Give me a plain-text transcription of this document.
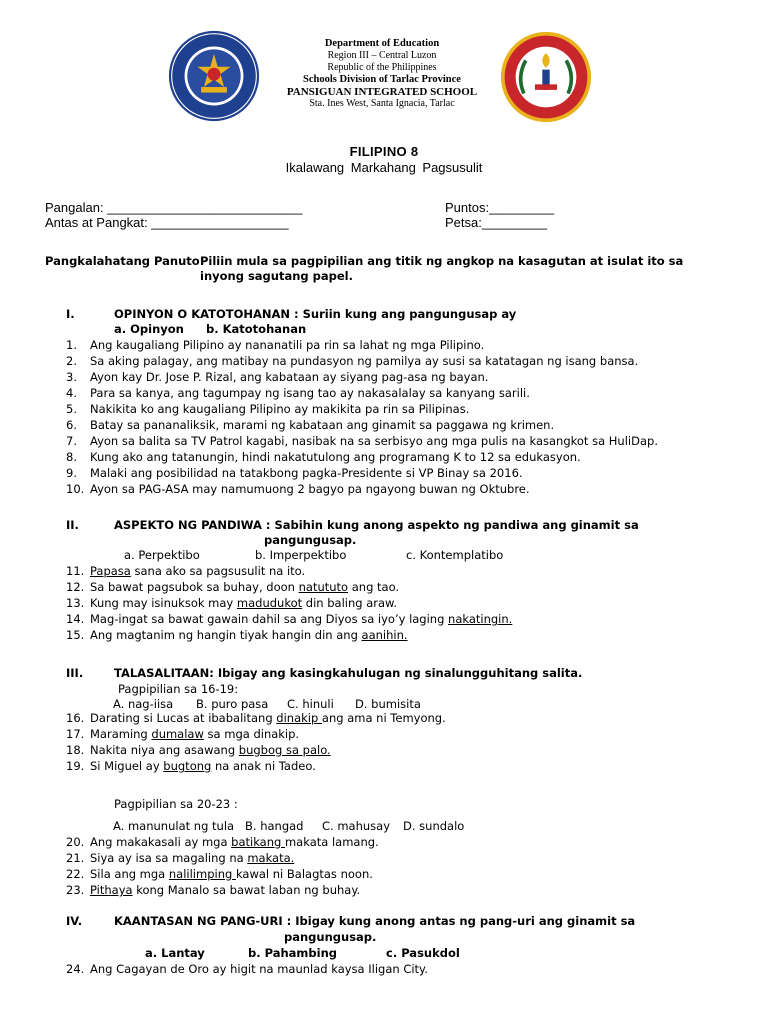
Department of Education
Region III – Central Luzon
Republic of the Philippines
Schools Division of Tarlac Province
PANSIGUAN INTEGRATED SCHOOL
Sta. Ines West, Santa Ignacia, Tarlac
FILIPINO 8
Ikalawang Markahang Pagsusulit
Pangalan: ___________________________
Antas at Pangkat: ___________________
Puntos:_________
Petsa:_________
Pangkalahatang Panuto:
Piliin mula sa pagpipilian ang titik ng angkop na kasagutan at isulat ito sa
inyong sagutang papel.
I.	OPINYON O KATOTOHANAN : Suriin kung ang pangungusap ay
a. Opinyon b. Katotohanan
1.	Ang kaugaliang Pilipino ay nananatili pa rin sa lahat ng mga Pilipino.
2.	Sa aking palagay, ang matibay na pundasyon ng pamilya ay susi sa katatagan ng isang bansa.
3.	Ayon kay Dr. Jose P. Rizal, ang kabataan ay siyang pag-asa ng bayan.
4.	Para sa kanya, ang tagumpay ng isang tao ay nakasalalay sa kanyang sarili.
5.	Nakikita ko ang kaugaliang Pilipino ay makikita pa rin sa Pilipinas.
6.	Batay sa pananaliksik, marami ng kabataan ang ginamit sa paggawa ng krimen.
7.	Ayon sa balita sa TV Patrol kagabi, nasibak na sa serbisyo ang mga pulis na kasangkot sa HuliDap.
8.	Kung ako ang tatanungin, hindi nakatutulong ang programang K to 12 sa edukasyon.
9.	Malaki ang posibilidad na tatakbong pagka-Presidente si VP Binay sa 2016.
10. Ayon sa PAG-ASA may namumuong 2 bagyo pa ngayong buwan ng Oktubre.
II.	ASPEKTO NG PANDIWA : Sabihin kung anong aspekto ng pandiwa ang ginamit sa
pangungusap.
a. Perpektibo	b. Imperpektibo	c. Kontemplatibo
11. Papasa sana ako sa pagsusulit na ito.
12. Sa bawat pagsubok sa buhay, doon natututo ang tao.
13. Kung may isinuksok may madudukot din baling araw.
14. Mag-ingat sa bawat gawain dahil sa ang Diyos sa iyo’y laging nakatingin.
15. Ang magtanim ng hangin tiyak hangin din ang aanihin.
III.	TALASALITAAN: Ibigay ang kasingkahulugan ng sinalungguhitang salita.
Pagpipilian sa 16-19:
A. nag-iisa B. puro pasa C. hinuli D. bumisita
16. Darating si Lucas at ibabalitang dinakip ang ama ni Temyong.
17. Maraming dumalaw sa mga dinakip.
18. Nakita niya ang asawang bugbog sa palo.
19. Si Miguel ay bugtong na anak ni Tadeo.
Pagpipilian sa 20-23 :
A. manunulat ng tula B. hangad C. mahusay D. sundalo
20. Ang makakasali ay mga batikang makata lamang.
21. Siya ay isa sa magaling na makata.
22. Sila ang mga nalilimping kawal ni Balagtas noon.
23. Pithaya kong Manalo sa bawat laban ng buhay.
IV.	KAANTASAN NG PANG-URI : Ibigay kung anong antas ng pang-uri ang ginamit sa
pangungusap.
a. Lantay	b. Pahambing	c. Pasukdol
24. Ang Cagayan de Oro ay higit na maunlad kaysa Iligan City.
